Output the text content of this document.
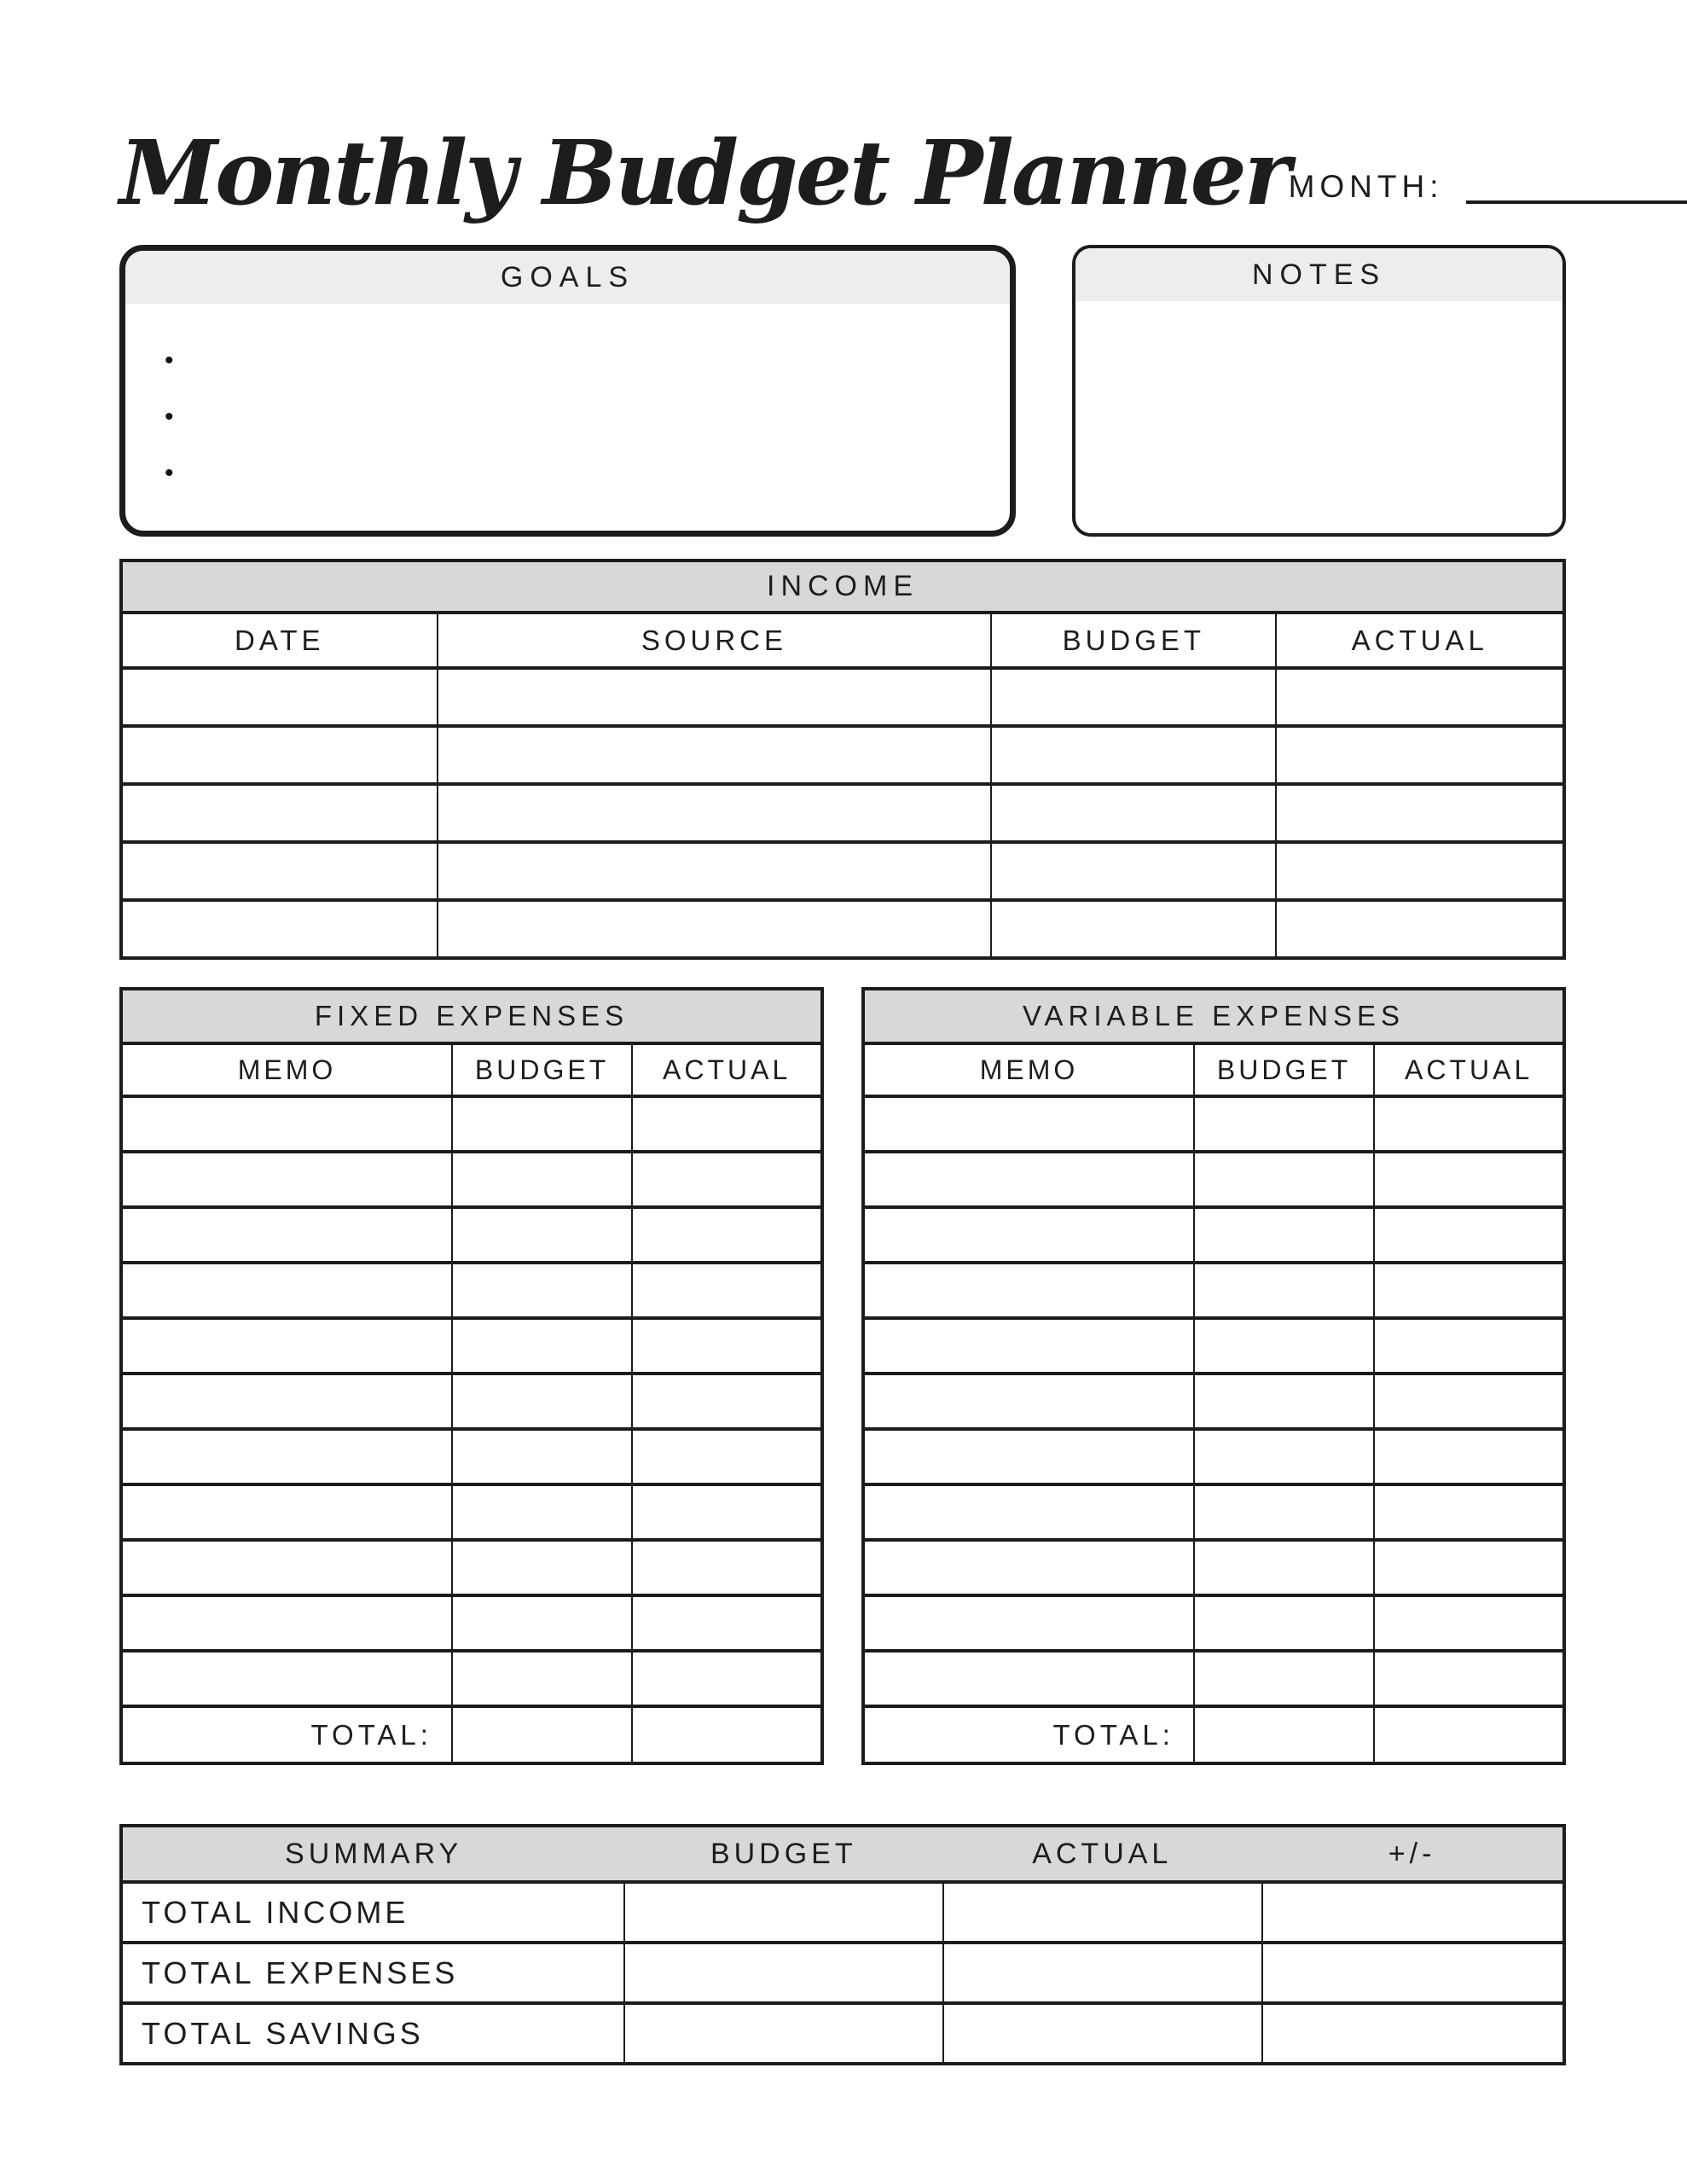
Monthly Budget Planner MONTH:
GOALS
•
•
•
NOTES
INCOME			
DATE	SOURCE	BUDGET	ACTUAL

FIXED EXPENSES		
MEMO	BUDGET	ACTUAL

TOTAL:		
VARIABLE EXPENSES		
MEMO	BUDGET	ACTUAL

TOTAL:		
SUMMARY BUDGET ACTUAL +/-			

TOTAL INCOME			
TOTAL EXPENSES			
TOTAL SAVINGS			
